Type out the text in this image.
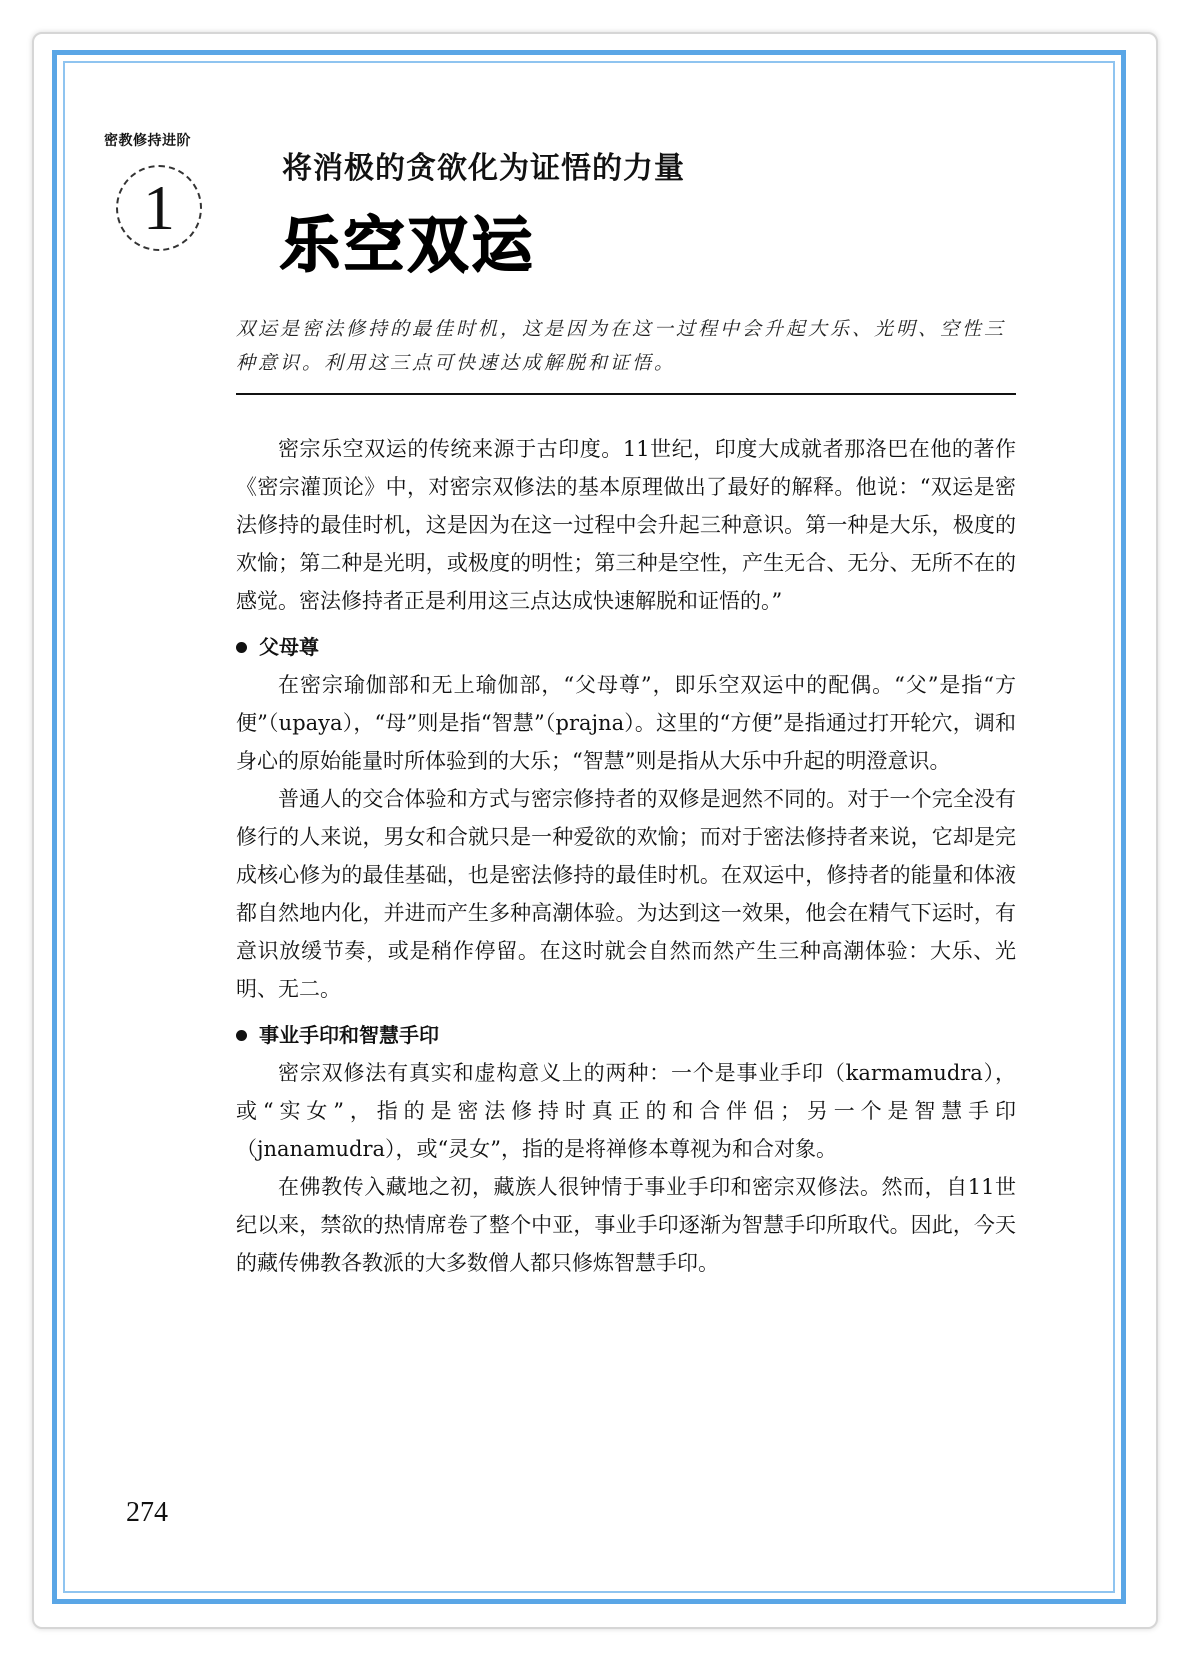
密教修持进阶
1
将消极的贪欲化为证悟的力量
乐空双运
双运是密法修持的最佳时机，这是因为在这一过程中会升起大乐、光明、空性三种意识。利用这三点可快速达成解脱和证悟。

密宗乐空双运的传统来源于古印度。11世纪，印度大成就者那洛巴在他的著作《密宗灌顶论》中，对密宗双修法的基本原理做出了最好的解释。他说：“双运是密法修持的最佳时机，这是因为在这一过程中会升起三种意识。第一种是大乐，极度的欢愉；第二种是光明，或极度的明性；第三种是空性，产生无合、无分、无所不在的感觉。密法修持者正是利用这三点达成快速解脱和证悟的。”

父母尊

在密宗瑜伽部和无上瑜伽部，“父母尊”，即乐空双运中的配偶。“父”是指“方便”（upaya），“母”则是指“智慧”（prajna）。这里的“方便”是指通过打开轮穴，调和身心的原始能量时所体验到的大乐；“智慧”则是指从大乐中升起的明澄意识。

普通人的交合体验和方式与密宗修持者的双修是迥然不同的。对于一个完全没有修行的人来说，男女和合就只是一种爱欲的欢愉；而对于密法修持者来说，它却是完成核心修为的最佳基础，也是密法修持的最佳时机。在双运中，修持者的能量和体液都自然地内化，并进而产生多种高潮体验。为达到这一效果，他会在精气下运时，有意识放缓节奏，或是稍作停留。在这时就会自然而然产生三种高潮体验：大乐、光明、无二。

事业手印和智慧手印

密宗双修法有真实和虚构意义上的两种：一个是事业手印（karmamudra），或“实女”，指的是密法修持时真正的和合伴侣；另一个是智慧手印（jnanamudra），或“灵女”，指的是将禅修本尊视为和合对象。

在佛教传入藏地之初，藏族人很钟情于事业手印和密宗双修法。然而，自11世纪以来，禁欲的热情席卷了整个中亚，事业手印逐渐为智慧手印所取代。因此，今天的藏传佛教各教派的大多数僧人都只修炼智慧手印。

274
